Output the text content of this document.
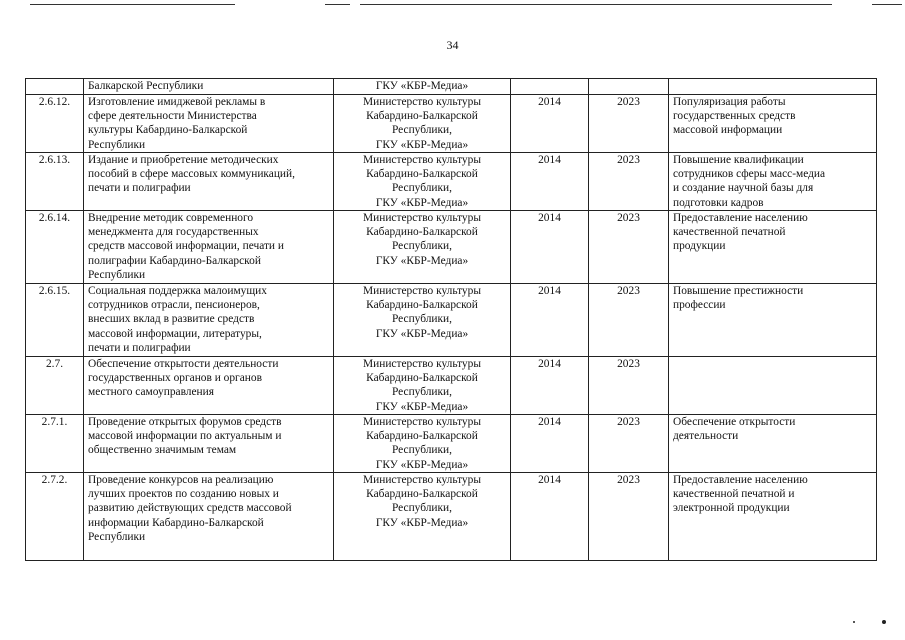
34

	Балкарской Республики	ГКУ «КБР-Медиа»			

2.6.12.	Изготовление имиджевой рекламы в
сфере деятельности Министерства
культуры Кабардино-Балкарской
Республики	Министерство культуры
Кабардино-Балкарской
Республики,
ГКУ «КБР-Медиа»	2014	2023	Популяризация работы
государственных средств
массовой информации

2.6.13.	Издание и приобретение методических
пособий в сфере массовых коммуникаций,
печати и полиграфии	Министерство культуры
Кабардино-Балкарской
Республики,
ГКУ «КБР-Медиа»	2014	2023	Повышение квалификации
сотрудников сферы масс-медиа
и создание научной базы для
подготовки кадров

2.6.14.	Внедрение методик современного
менеджмента для государственных
средств массовой информации, печати и
полиграфии Кабардино-Балкарской
Республики	Министерство культуры
Кабардино-Балкарской
Республики,
ГКУ «КБР-Медиа»	2014	2023	Предоставление населению
качественной печатной
продукции

2.6.15.	Социальная поддержка малоимущих
сотрудников отрасли, пенсионеров,
внесших вклад в развитие средств
массовой информации, литературы,
печати и полиграфии	Министерство культуры
Кабардино-Балкарской
Республики,
ГКУ «КБР-Медиа»	2014	2023	Повышение престижности
профессии

2.7.	Обеспечение открытости деятельности
государственных органов и органов
местного самоуправления	Министерство культуры
Кабардино-Балкарской
Республики,
ГКУ «КБР-Медиа»	2014	2023	

2.7.1.	Проведение открытых форумов средств
массовой информации по актуальным и
общественно значимым темам	Министерство культуры
Кабардино-Балкарской
Республики,
ГКУ «КБР-Медиа»	2014	2023	Обеспечение открытости
деятельности

2.7.2.	Проведение конкурсов на реализацию
лучших проектов по созданию новых и
развитию действующих средств массовой
информации Кабардино-Балкарской
Республики	Министерство культуры
Кабардино-Балкарской
Республики,
ГКУ «КБР-Медиа»	2014	2023	Предоставление населению
качественной печатной и
электронной продукции
